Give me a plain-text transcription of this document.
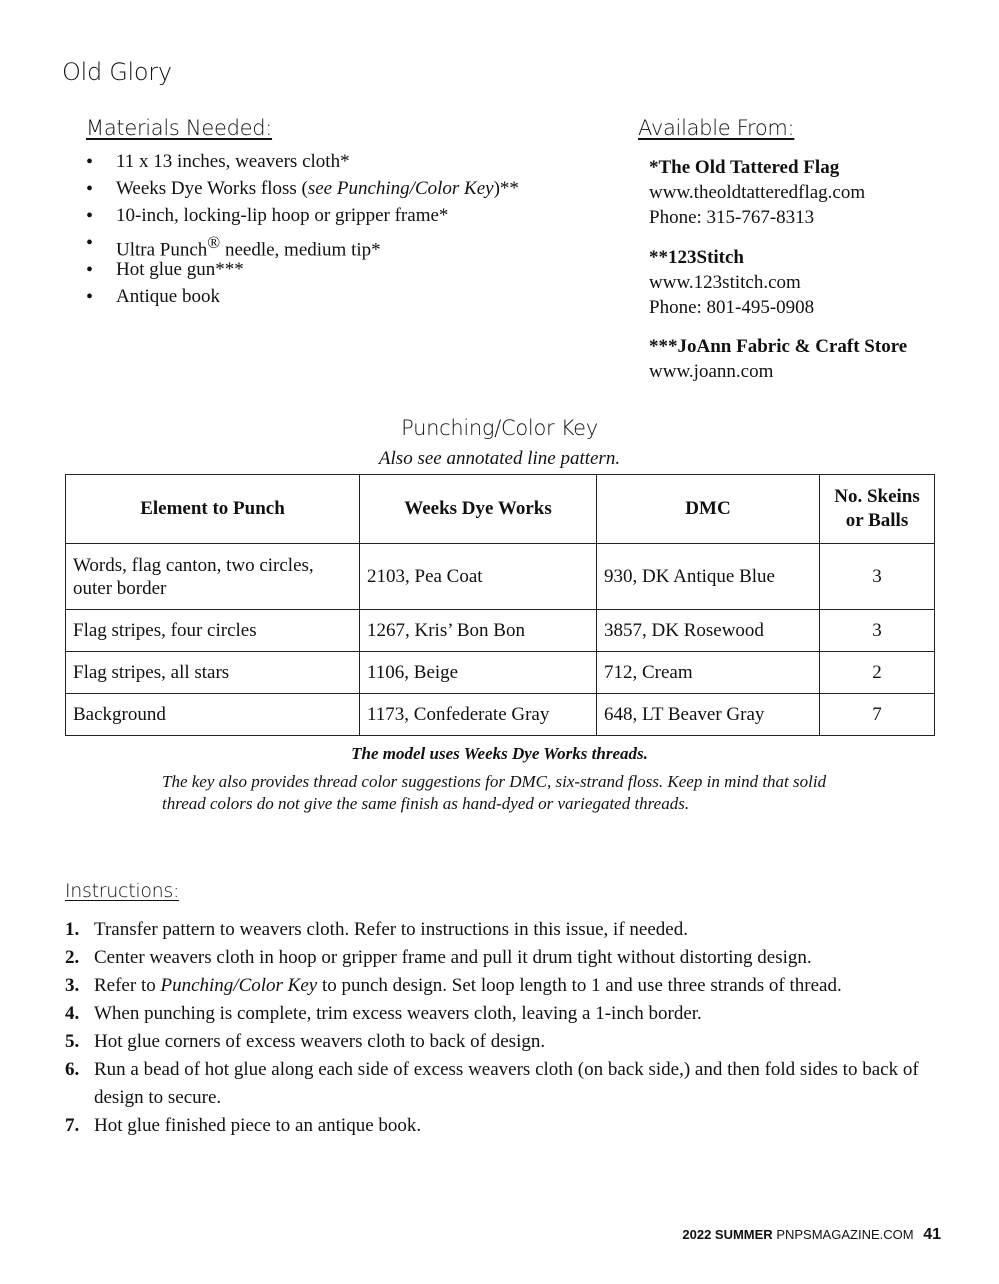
Old Glory
Materials Needed:
• 11 x 13 inches, weavers cloth*
• Weeks Dye Works floss (see Punching/Color Key)**
• 10-inch, locking-lip hoop or gripper frame*
• Ultra Punch® needle, medium tip*
• Hot glue gun***
• Antique book
Available From:
*The Old Tattered Flag
www.theoldtatteredflag.com
Phone: 315-767-8313
**123Stitch
www.123stitch.com
Phone: 801-495-0908
***JoAnn Fabric & Craft Store
www.joann.com
Punching/Color Key
Also see annotated line pattern.
Element to Punch	Weeks Dye Works	DMC	No. Skeins or Balls
Words, flag canton, two circles, outer border	2103, Pea Coat	930, DK Antique Blue	3
Flag stripes, four circles	1267, Kris’ Bon Bon	3857, DK Rosewood	3
Flag stripes, all stars	1106, Beige	712, Cream	2
Background	1173, Confederate Gray	648, LT Beaver Gray	7
The model uses Weeks Dye Works threads.
The key also provides thread color suggestions for DMC, six-strand floss. Keep in mind that solid thread colors do not give the same finish as hand-dyed or variegated threads.
Instructions:
1. Transfer pattern to weavers cloth. Refer to instructions in this issue, if needed.
2. Center weavers cloth in hoop or gripper frame and pull it drum tight without distorting design.
3. Refer to Punching/Color Key to punch design. Set loop length to 1 and use three strands of thread.
4. When punching is complete, trim excess weavers cloth, leaving a 1-inch border.
5. Hot glue corners of excess weavers cloth to back of design.
6. Run a bead of hot glue along each side of excess weavers cloth (on back side,) and then fold sides to back of design to secure.
7. Hot glue finished piece to an antique book.
2022 SUMMER PNPSMAGAZINE.COM 41
